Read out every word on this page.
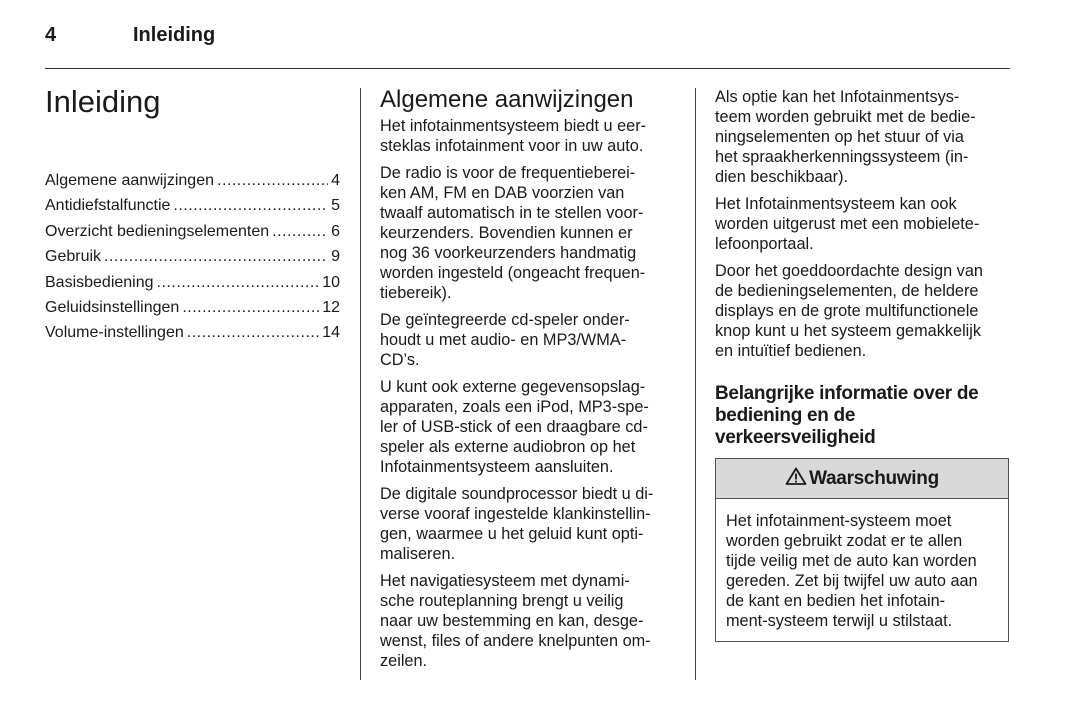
4	Inleiding
Inleiding
Algemene aanwijzingen .....	4
Antidiefstalfunctie .....	5
Overzicht bedieningselementen .....	6
Gebruik .....	9
Basisbediening .....	10
Geluidsinstellingen .....	12
Volume-instellingen .....	14
Algemene aanwijzingen

Het infotainmentsysteem biedt u eer-
steklas infotainment voor in uw auto.

De radio is voor de frequentiebereі-
ken AM, FM en DAB voorzien van
twaalf automatisch in te stellen voor-
keurzenders. Bovendien kunnen er
nog 36 voorkeurzenders handmatig
worden ingesteld (ongeacht frequen-
tiebereik).

De geïntegreerde cd-speler onder-
houdt u met audio- en MP3/WMA-
CD’s.

U kunt ook externe gegevensopslag-
apparaten, zoals een iPod, MP3-spe-
ler of USB-stick of een draagbare cd-
speler als externe audiobron op het
Infotainmentsysteem aansluiten.

De digitale soundprocessor biedt u di-
verse vooraf ingestelde klankinstellin-
gen, waarmee u het geluid kunt opti-
maliseren.

Het navigatiesysteem met dynami-
sche routeplanning brengt u veilig
naar uw bestemming en kan, desge-
wenst, files of andere knelpunten om-
zeilen.

Als optie kan het Infotainmentsys-
teem worden gebruikt met de bedie-
ningselementen op het stuur of via
het spraakherkenningssysteem (in-
dien beschikbaar).

Het Infotainmentsysteem kan ook
worden uitgerust met een mobielete-
lefoonportaal.

Door het goeddoordachte design van
de bedieningselementen, de heldere
displays en de grote multifunctionele
knop kunt u het systeem gemakkelijk
en intuïtief bedienen.

Belangrijke informatie over de
bediening en de
verkeersveiligheid
Waarschuwing
Het infotainment-systeem moet
worden gebruikt zodat er te allen
tijde veilig met de auto kan worden
gereden. Zet bij twijfel uw auto aan
de kant en bedien het infotain-
ment-systeem terwijl u stilstaat.
